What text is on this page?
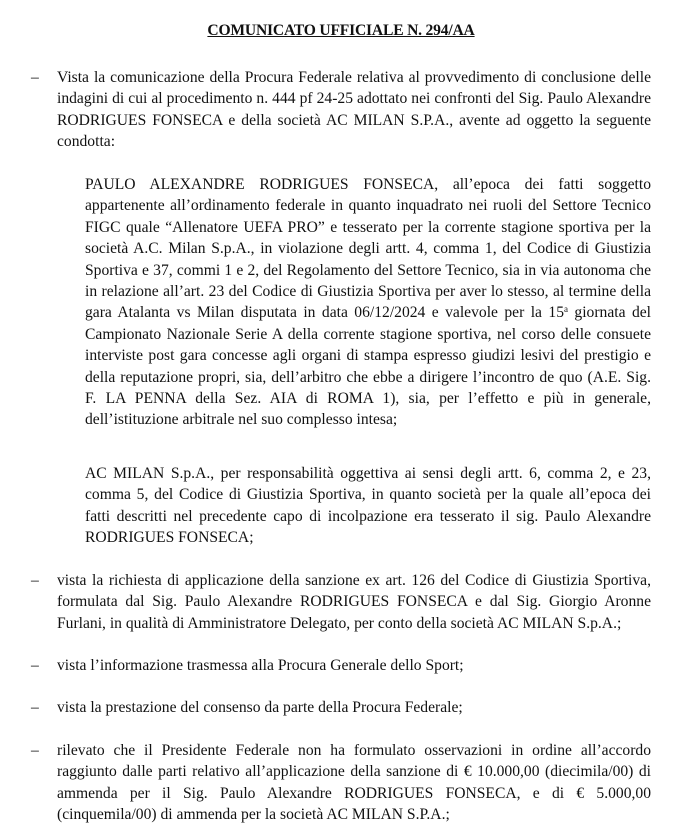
COMUNICATO UFFICIALE N. 294/AA
– Vista la comunicazione della Procura Federale relativa al provvedimento di conclusione delle indagini di cui al procedimento n. 444 pf 24-25 adottato nei confronti del Sig. Paulo Alexandre RODRIGUES FONSECA e della società AC MILAN S.P.A., avente ad oggetto la seguente condotta:

PAULO ALEXANDRE RODRIGUES FONSECA, all’epoca dei fatti soggetto appartenente all’ordinamento federale in quanto inquadrato nei ruoli del Settore Tecnico FIGC quale “Allenatore UEFA PRO” e tesserato per la corrente stagione sportiva per la società A.C. Milan S.p.A., in violazione degli artt. 4, comma 1, del Codice di Giustizia Sportiva e 37, commi 1 e 2, del Regolamento del Settore Tecnico, sia in via autonoma che in relazione all’art. 23 del Codice di Giustizia Sportiva per aver lo stesso, al termine della gara Atalanta vs Milan disputata in data 06/12/2024 e valevole per la 15$^a$ giornata del Campionato Nazionale Serie A della corrente stagione sportiva, nel corso delle consuete interviste post gara concesse agli organi di stampa espresso giudizi lesivi del prestigio e della reputazione propri, sia, dell’arbitro che ebbe a dirigere l’incontro de quo (A.E. Sig. F. LA PENNA della Sez. AIA di ROMA 1), sia, per l’effetto e più in generale, dell’istituzione arbitrale nel suo complesso intesa;

AC MILAN S.p.A., per responsabilità oggettiva ai sensi degli artt. 6, comma 2, e 23, comma 5, del Codice di Giustizia Sportiva, in quanto società per la quale all’epoca dei fatti descritti nel precedente capo di incolpazione era tesserato il sig. Paulo Alexandre RODRIGUES FONSECA;

– vista la richiesta di applicazione della sanzione ex art. 126 del Codice di Giustizia Sportiva, formulata dal Sig. Paulo Alexandre RODRIGUES FONSECA e dal Sig. Giorgio Aronne Furlani, in qualità di Amministratore Delegato, per conto della società AC MILAN S.p.A.;

– vista l’informazione trasmessa alla Procura Generale dello Sport;

– vista la prestazione del consenso da parte della Procura Federale;

– rilevato che il Presidente Federale non ha formulato osservazioni in ordine all’accordo raggiunto dalle parti relativo all’applicazione della sanzione di € 10.000,00 (diecimila/00) di ammenda per il Sig. Paulo Alexandre RODRIGUES FONSECA, e di € 5.000,00 (cinquemila/00) di ammenda per la società AC MILAN S.P.A.;
